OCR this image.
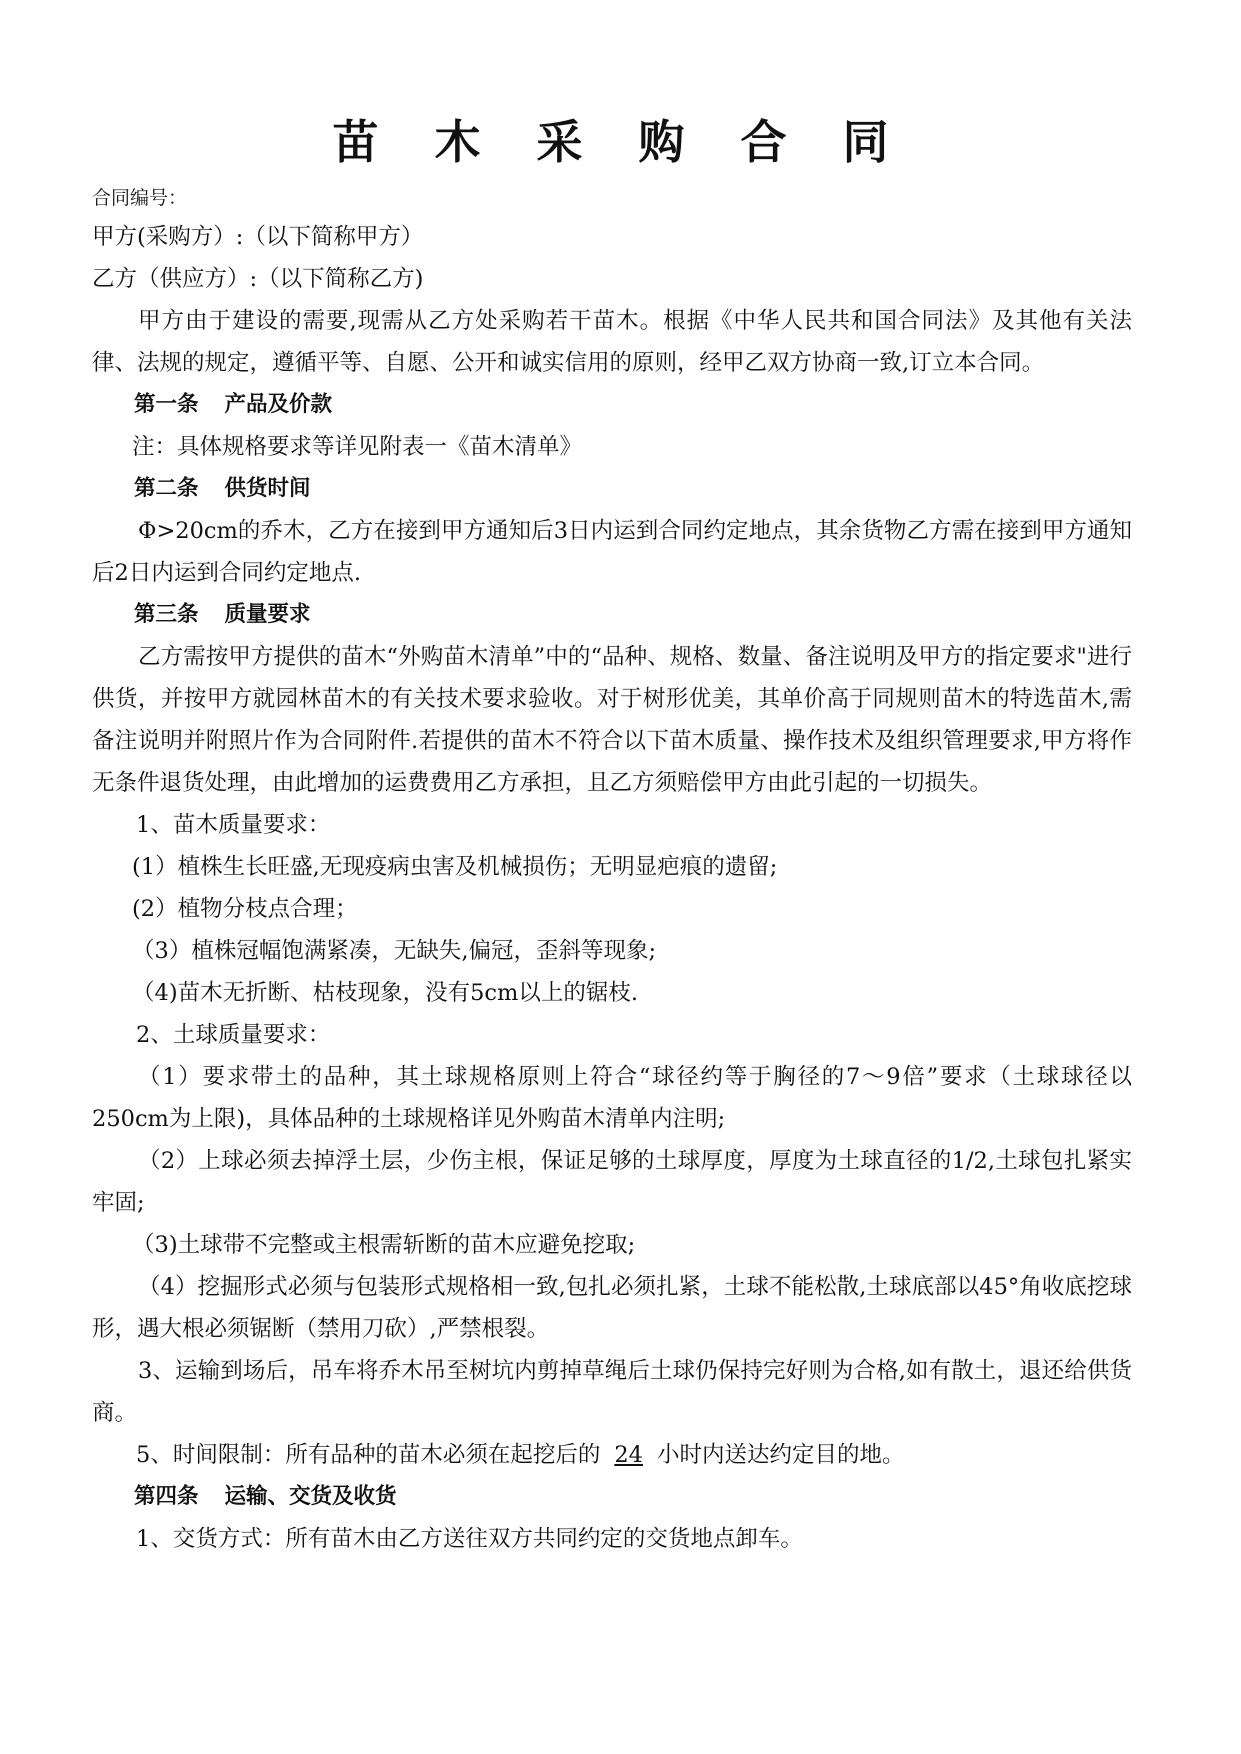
苗 木 采 购 合 同

合同编号：

甲方(采购方）:（以下简称甲方）

乙方（供应方）:（以下简称乙方)

甲方由于建设的需要,现需从乙方处采购若干苗木。根据《中华人民共和国合同法》及其他有关法律、法规的规定，遵循平等、自愿、公开和诚实信用的原则，经甲乙双方协商一致,订立本合同。

第一条 产品及价款

注：具体规格要求等详见附表一《苗木清单》

第二条 供货时间

Φ>20cm的乔木，乙方在接到甲方通知后3日内运到合同约定地点，其余货物乙方需在接到甲方通知后2日内运到合同约定地点.

第三条 质量要求

乙方需按甲方提供的苗木“外购苗木清单”中的“品种、规格、数量、备注说明及甲方的指定要求"进行供货，并按甲方就园林苗木的有关技术要求验收。对于树形优美，其单价高于同规则苗木的特选苗木,需备注说明并附照片作为合同附件.若提供的苗木不符合以下苗木质量、操作技术及组织管理要求,甲方将作无条件退货处理，由此增加的运费费用乙方承担，且乙方须赔偿甲方由此引起的一切损失。

1、苗木质量要求：

(1）植株生长旺盛,无现疫病虫害及机械损伤；无明显疤痕的遗留;

(2）植物分枝点合理；

（3）植株冠幅饱满紧凑，无缺失,偏冠，歪斜等现象;

（4)苗木无折断、枯枝现象，没有5cm以上的锯枝.

2、土球质量要求：

（1）要求带土的品种，其土球规格原则上符合“球径约等于胸径的7～9倍”要求（土球球径以250cm为上限)，具体品种的土球规格详见外购苗木清单内注明;

（2）上球必须去掉浮土层，少伤主根，保证足够的土球厚度，厚度为土球直径的1/2,土球包扎紧实牢固;

（3)土球带不完整或主根需斩断的苗木应避免挖取;

（4）挖掘形式必须与包装形式规格相一致,包扎必须扎紧，土球不能松散,土球底部以45°角收底挖球形，遇大根必须锯断（禁用刀砍）,严禁根裂。

3、运输到场后，吊车将乔木吊至树坑内剪掉草绳后土球仍保持完好则为合格,如有散土，退还给供货商。

5、时间限制：所有品种的苗木必须在起挖后的 24 小时内送达约定目的地。

第四条 运输、交货及收货

1、交货方式：所有苗木由乙方送往双方共同约定的交货地点卸车。
